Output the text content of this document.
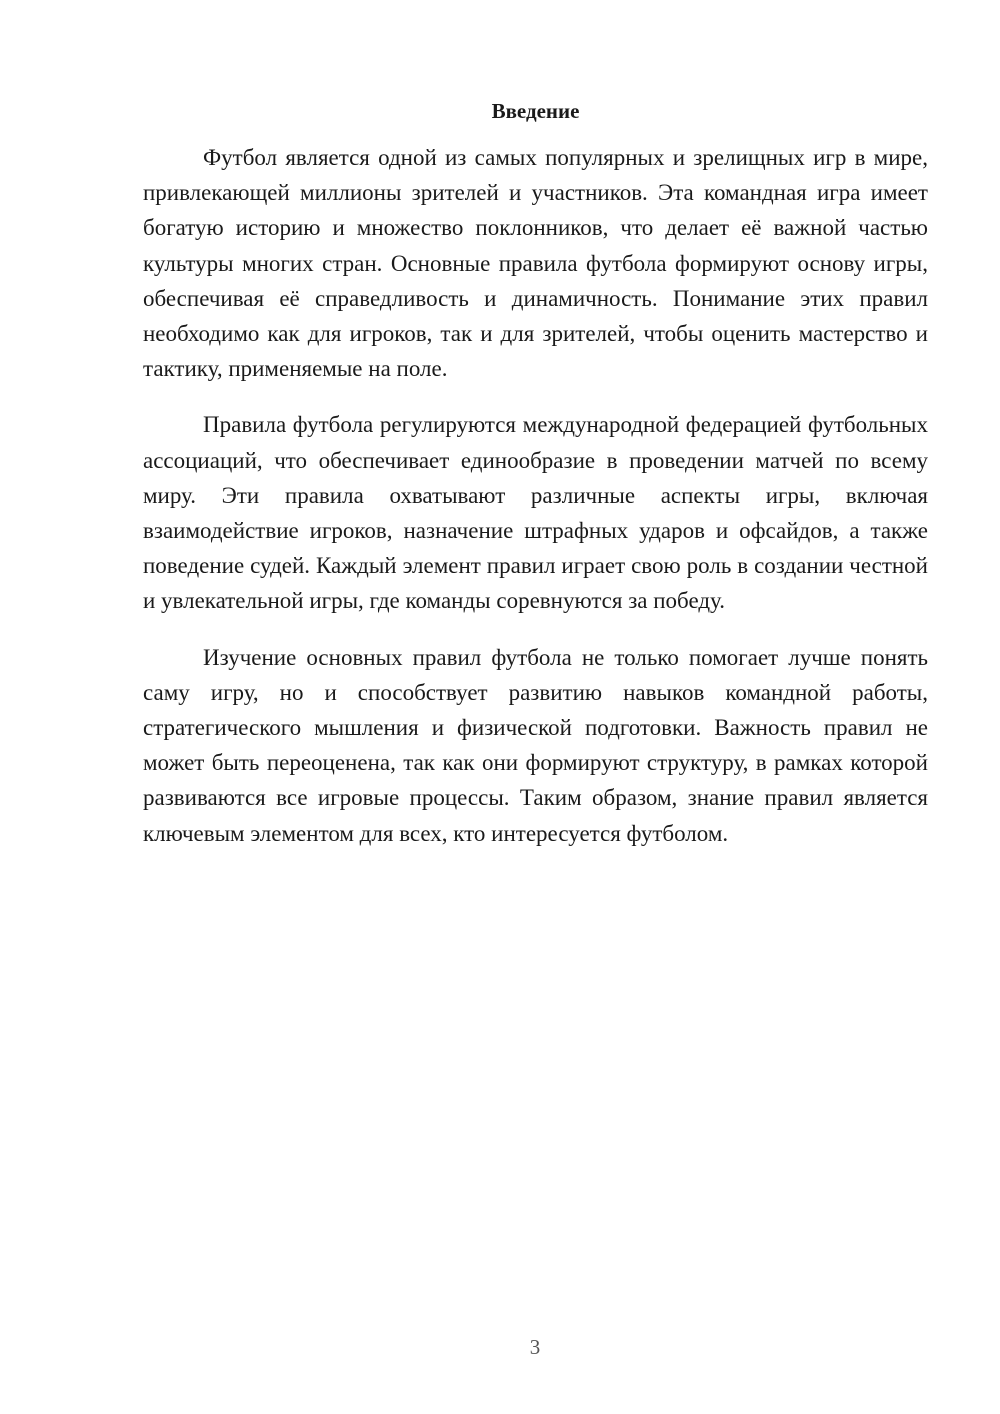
Введение

Футбол является одной из самых популярных и зрелищных игр в мире, привлекающей миллионы зрителей и участников. Эта командная игра имеет богатую историю и множество поклонников, что делает её важной частью культуры многих стран. Основные правила футбола формируют основу игры, обеспечивая её справедливость и динамичность. Понимание этих правил необходимо как для игроков, так и для зрителей, чтобы оценить мастерство и тактику, применяемые на поле.

Правила футбола регулируются международной федерацией футбольных ассоциаций, что обеспечивает единообразие в проведении матчей по всему миру. Эти правила охватывают различные аспекты игры, включая взаимодействие игроков, назначение штрафных ударов и офсайдов, а также поведение судей. Каждый элемент правил играет свою роль в создании честной и увлекательной игры, где команды соревнуются за победу.

Изучение основных правил футбола не только помогает лучше понять саму игру, но и способствует развитию навыков командной работы, стратегического мышления и физической подготовки. Важность правил не может быть переоценена, так как они формируют структуру, в рамках которой развиваются все игровые процессы. Таким образом, знание правил является ключевым элементом для всех, кто интересуется футболом.

3
